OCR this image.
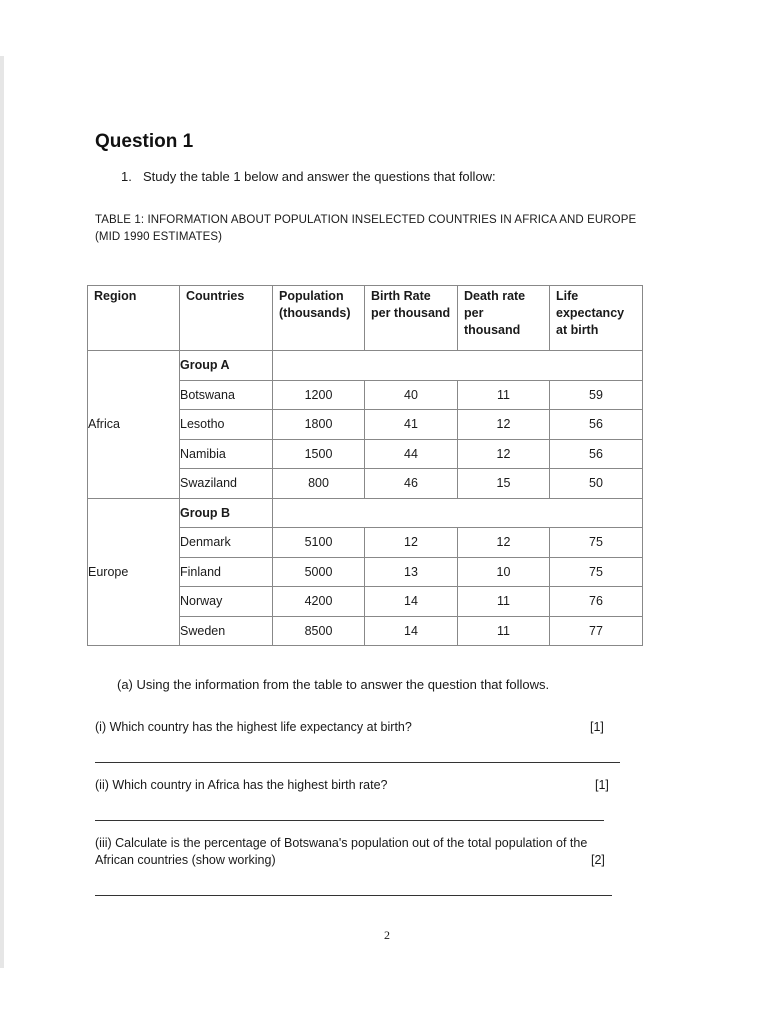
Question 1
1. Study the table 1 below and answer the questions that follow:
TABLE 1: INFORMATION ABOUT POPULATION INSELECTED COUNTRIES IN AFRICA AND EUROPE (MID 1990 ESTIMATES)
Region	Countries	Population (thousands)	Birth Rate per thousand	Death rate per thousand	Life expectancy at birth
Africa	Group A				
	Botswana	1200	40	11	59
	Lesotho	1800	41	12	56
	Namibia	1500	44	12	56
	Swaziland	800	46	15	50
Europe	Group B				
	Denmark	5100	12	12	75
	Finland	5000	13	10	75
	Norway	4200	14	11	76
	Sweden	8500	14	11	77
(a) Using the information from the table to answer the question that follows.
(i) Which country has the highest life expectancy at birth?	[1]
(ii) Which country in Africa has the highest birth rate?	[1]
(iii) Calculate is the percentage of Botswana's population out of the total population of the
African countries (show working)	[2]
2
